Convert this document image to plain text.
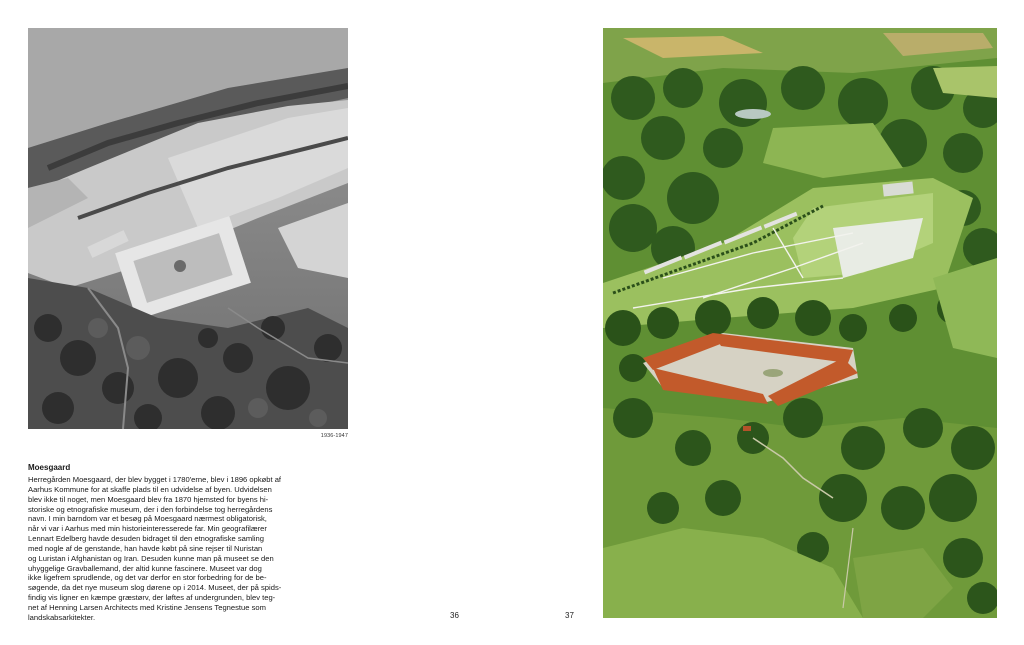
1936-1947
Moesgaard
Herregården Moesgaard, der blev bygget i 1780'erne, blev i 1896 opkøbt af
Aarhus Kommune for at skaffe plads til en udvidelse af byen. Udvidelsen
blev ikke til noget, men Moesgaard blev fra 1870 hjemsted for byens hi-
storiske og etnografiske museum, der i den forbindelse tog herregårdens
navn. I min barndom var et besøg på Moesgaard nærmest obligatorisk,
når vi var i Aarhus med min historieinteresserede far. Min geografilærer
Lennart Edelberg havde desuden bidraget til den etnografiske samling
med nogle af de genstande, han havde købt på sine rejser til Nuristan
og Luristan i Afghanistan og Iran. Desuden kunne man på museet se den
uhyggelige Gravballemand, der altid kunne fascinere. Museet var dog
ikke ligefrem sprudlende, og det var derfor en stor forbedring for de be-
søgende, da det nye museum slog dørene op i 2014. Museet, der på spids-
findig vis ligner en kæmpe græstørv, der løftes af undergrunden, blev teg-
net af Henning Larsen Architects med Kristine Jensens Tegnestue som
landskabsarkitekter.	36	37
